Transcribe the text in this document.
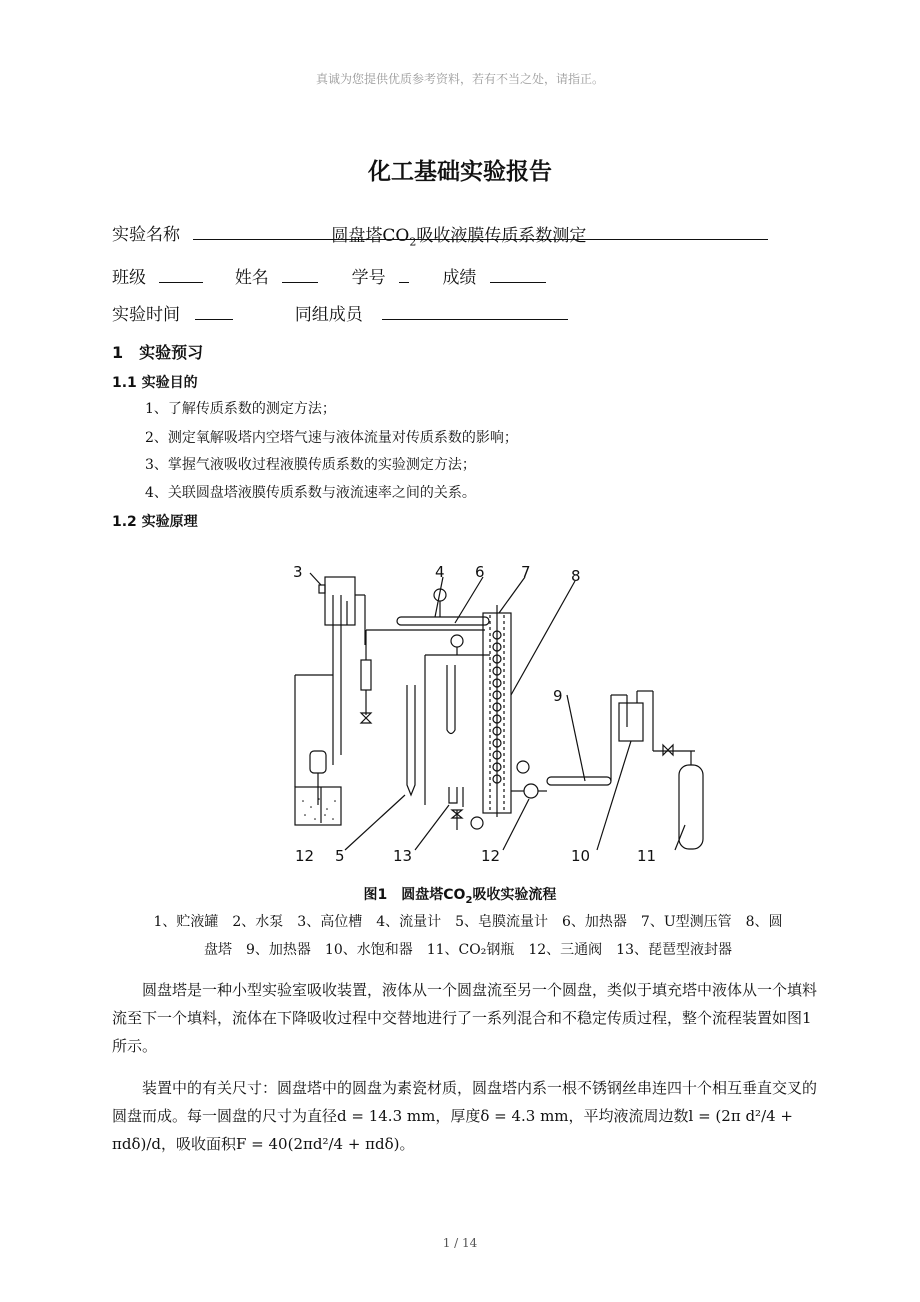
真诚为您提供优质参考资料，若有不当之处，请指正。
化工基础实验报告
实验名称	圆盘塔$CO_2$吸收液膜传质系数测定
班级	姓名	学号	成绩
实验时间	同组成员
1　实验预习
1.1 实验目的
1、了解传质系数的测定方法；
2、测定氧解吸塔内空塔气速与液体流量对传质系数的影响；
3、掌握气液吸收过程液膜传质系数的实验测定方法；
4、关联圆盘塔液膜传质系数与液流速率之间的关系。
1.2 实验原理
3	4 6 7	8
9
12 5	13	12	10	11
图1　圆盘塔$CO_2$吸收实验流程
1、贮液罐　2、水泵　3、高位槽　4、流量计　5、皂膜流量计　6、加热器　7、U型测压管　8、圆
盘塔　9、加热器　10、水饱和器　11、CO₂钢瓶　12、三通阀　13、琵琶型液封器
圆盘塔是一种小型实验室吸收装置，液体从一个圆盘流至另一个圆盘，类似于填充塔中液体从一个填料流至下一个填料，流体在下降吸收过程中交替地进行了一系列混合和不稳定传质过程，整个流程装置如图1所示。
装置中的有关尺寸：圆盘塔中的圆盘为素瓷材质，圆盘塔内系一根不锈钢丝串连四十个相互垂直交叉的圆盘而成。每一圆盘的尺寸为直径d = 14.3 mm，厚度δ = 4.3 mm，平均液流周边数l = (2π d²/4 + πdδ)/d，吸收面积F = 40(2πd²/4 + πdδ)。
1 / 14
